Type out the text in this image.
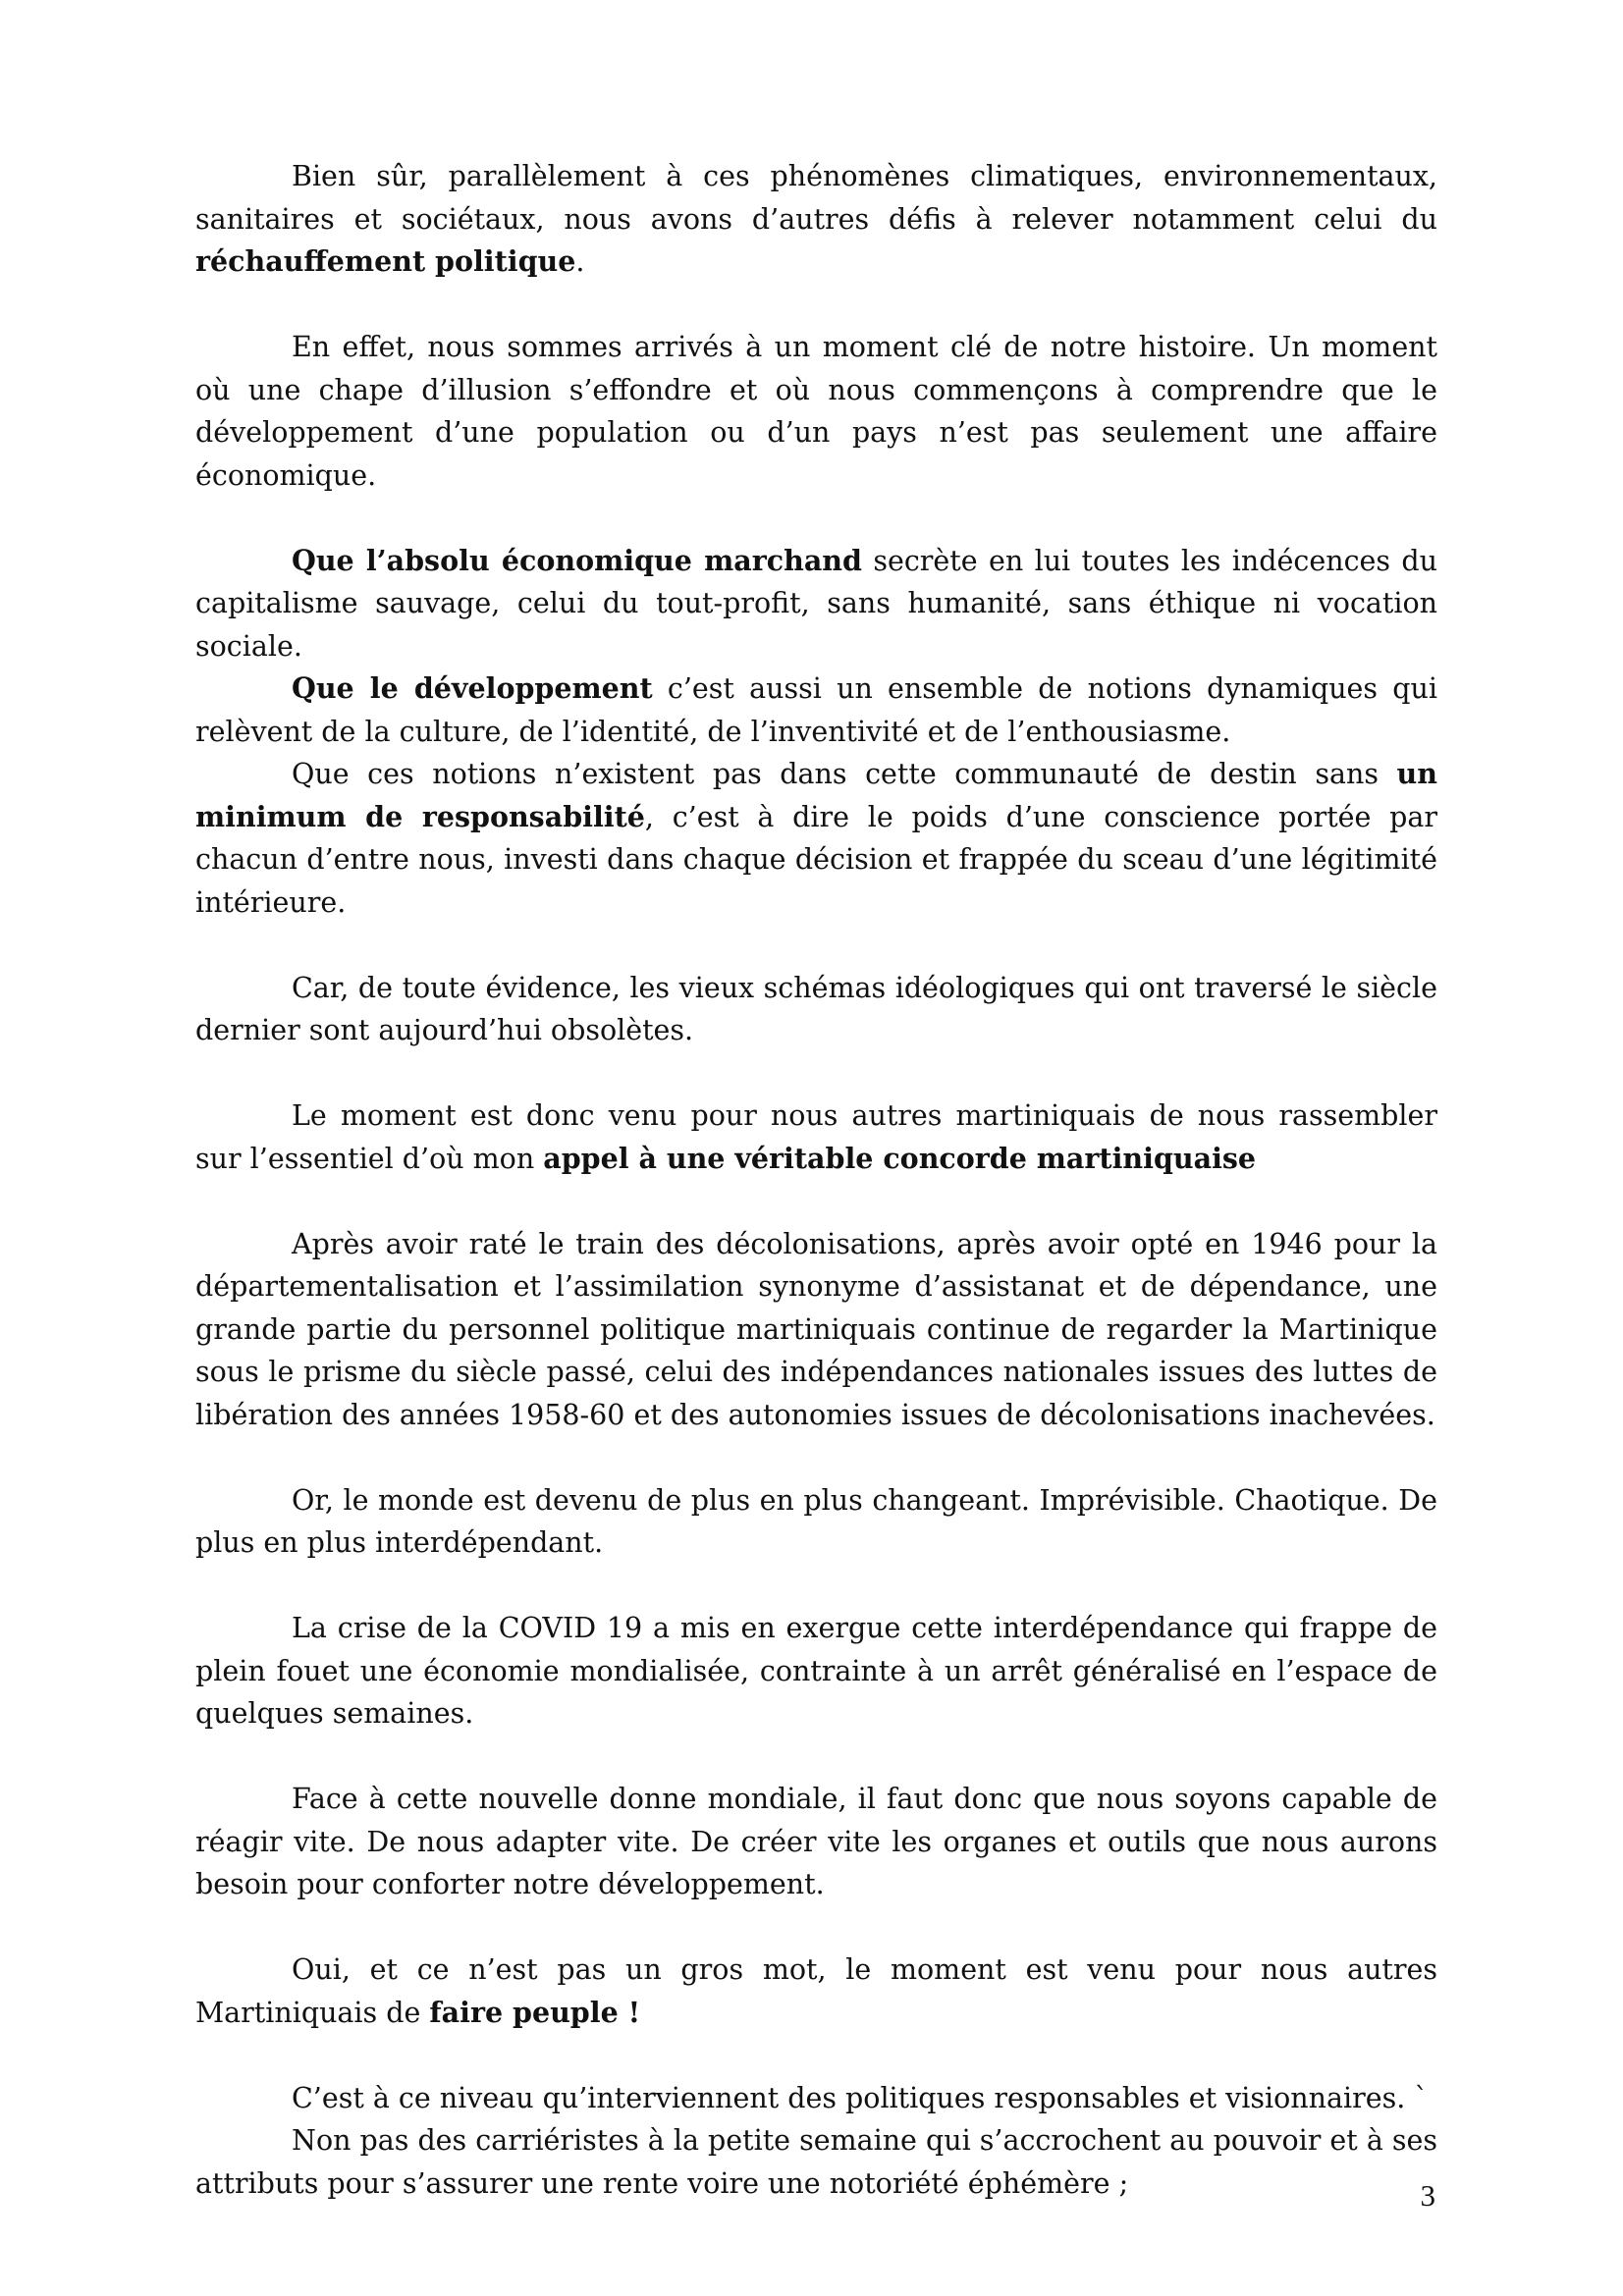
Bien sûr, parallèlement à ces phénomènes climatiques, environnementaux, sanitaires et sociétaux, nous avons d’autres défis à relever notamment celui du réchauffement politique.

En effet, nous sommes arrivés à un moment clé de notre histoire. Un moment où une chape d’illusion s’effondre et où nous commençons à comprendre que le développement d’une population ou d’un pays n’est pas seulement une affaire économique.

Que l’absolu économique marchand secrète en lui toutes les indécences du capitalisme sauvage, celui du tout-profit, sans humanité, sans éthique ni vocation sociale.

Que le développement c’est aussi un ensemble de notions dynamiques qui relèvent de la culture, de l’identité, de l’inventivité et de l’enthousiasme.

Que ces notions n’existent pas dans cette communauté de destin sans un minimum de responsabilité, c’est à dire le poids d’une conscience portée par chacun d’entre nous, investi dans chaque décision et frappée du sceau d’une légitimité intérieure.

Car, de toute évidence, les vieux schémas idéologiques qui ont traversé le siècle dernier sont aujourd’hui obsolètes.

Le moment est donc venu pour nous autres martiniquais de nous rassembler sur l’essentiel d’où mon appel à une véritable concorde martiniquaise

Après avoir raté le train des décolonisations, après avoir opté en 1946 pour la départementalisation et l’assimilation synonyme d’assistanat et de dépendance, une grande partie du personnel politique martiniquais continue de regarder la Martinique sous le prisme du siècle passé, celui des indépendances nationales issues des luttes de libération des années 1958-60 et des autonomies issues de décolonisations inachevées.

Or, le monde est devenu de plus en plus changeant. Imprévisible. Chaotique. De plus en plus interdépendant.

La crise de la COVID 19 a mis en exergue cette interdépendance qui frappe de plein fouet une économie mondialisée, contrainte à un arrêt généralisé en l’espace de quelques semaines.

Face à cette nouvelle donne mondiale, il faut donc que nous soyons capable de réagir vite. De nous adapter vite. De créer vite les organes et outils que nous aurons besoin pour conforter notre développement.

Oui, et ce n’est pas un gros mot, le moment est venu pour nous autres Martiniquais de faire peuple !

C’est à ce niveau qu’interviennent des politiques responsables et visionnaires. `

Non pas des carriéristes à la petite semaine qui s’accrochent au pouvoir et à ses attributs pour s’assurer une rente voire une notoriété éphémère ;	3
